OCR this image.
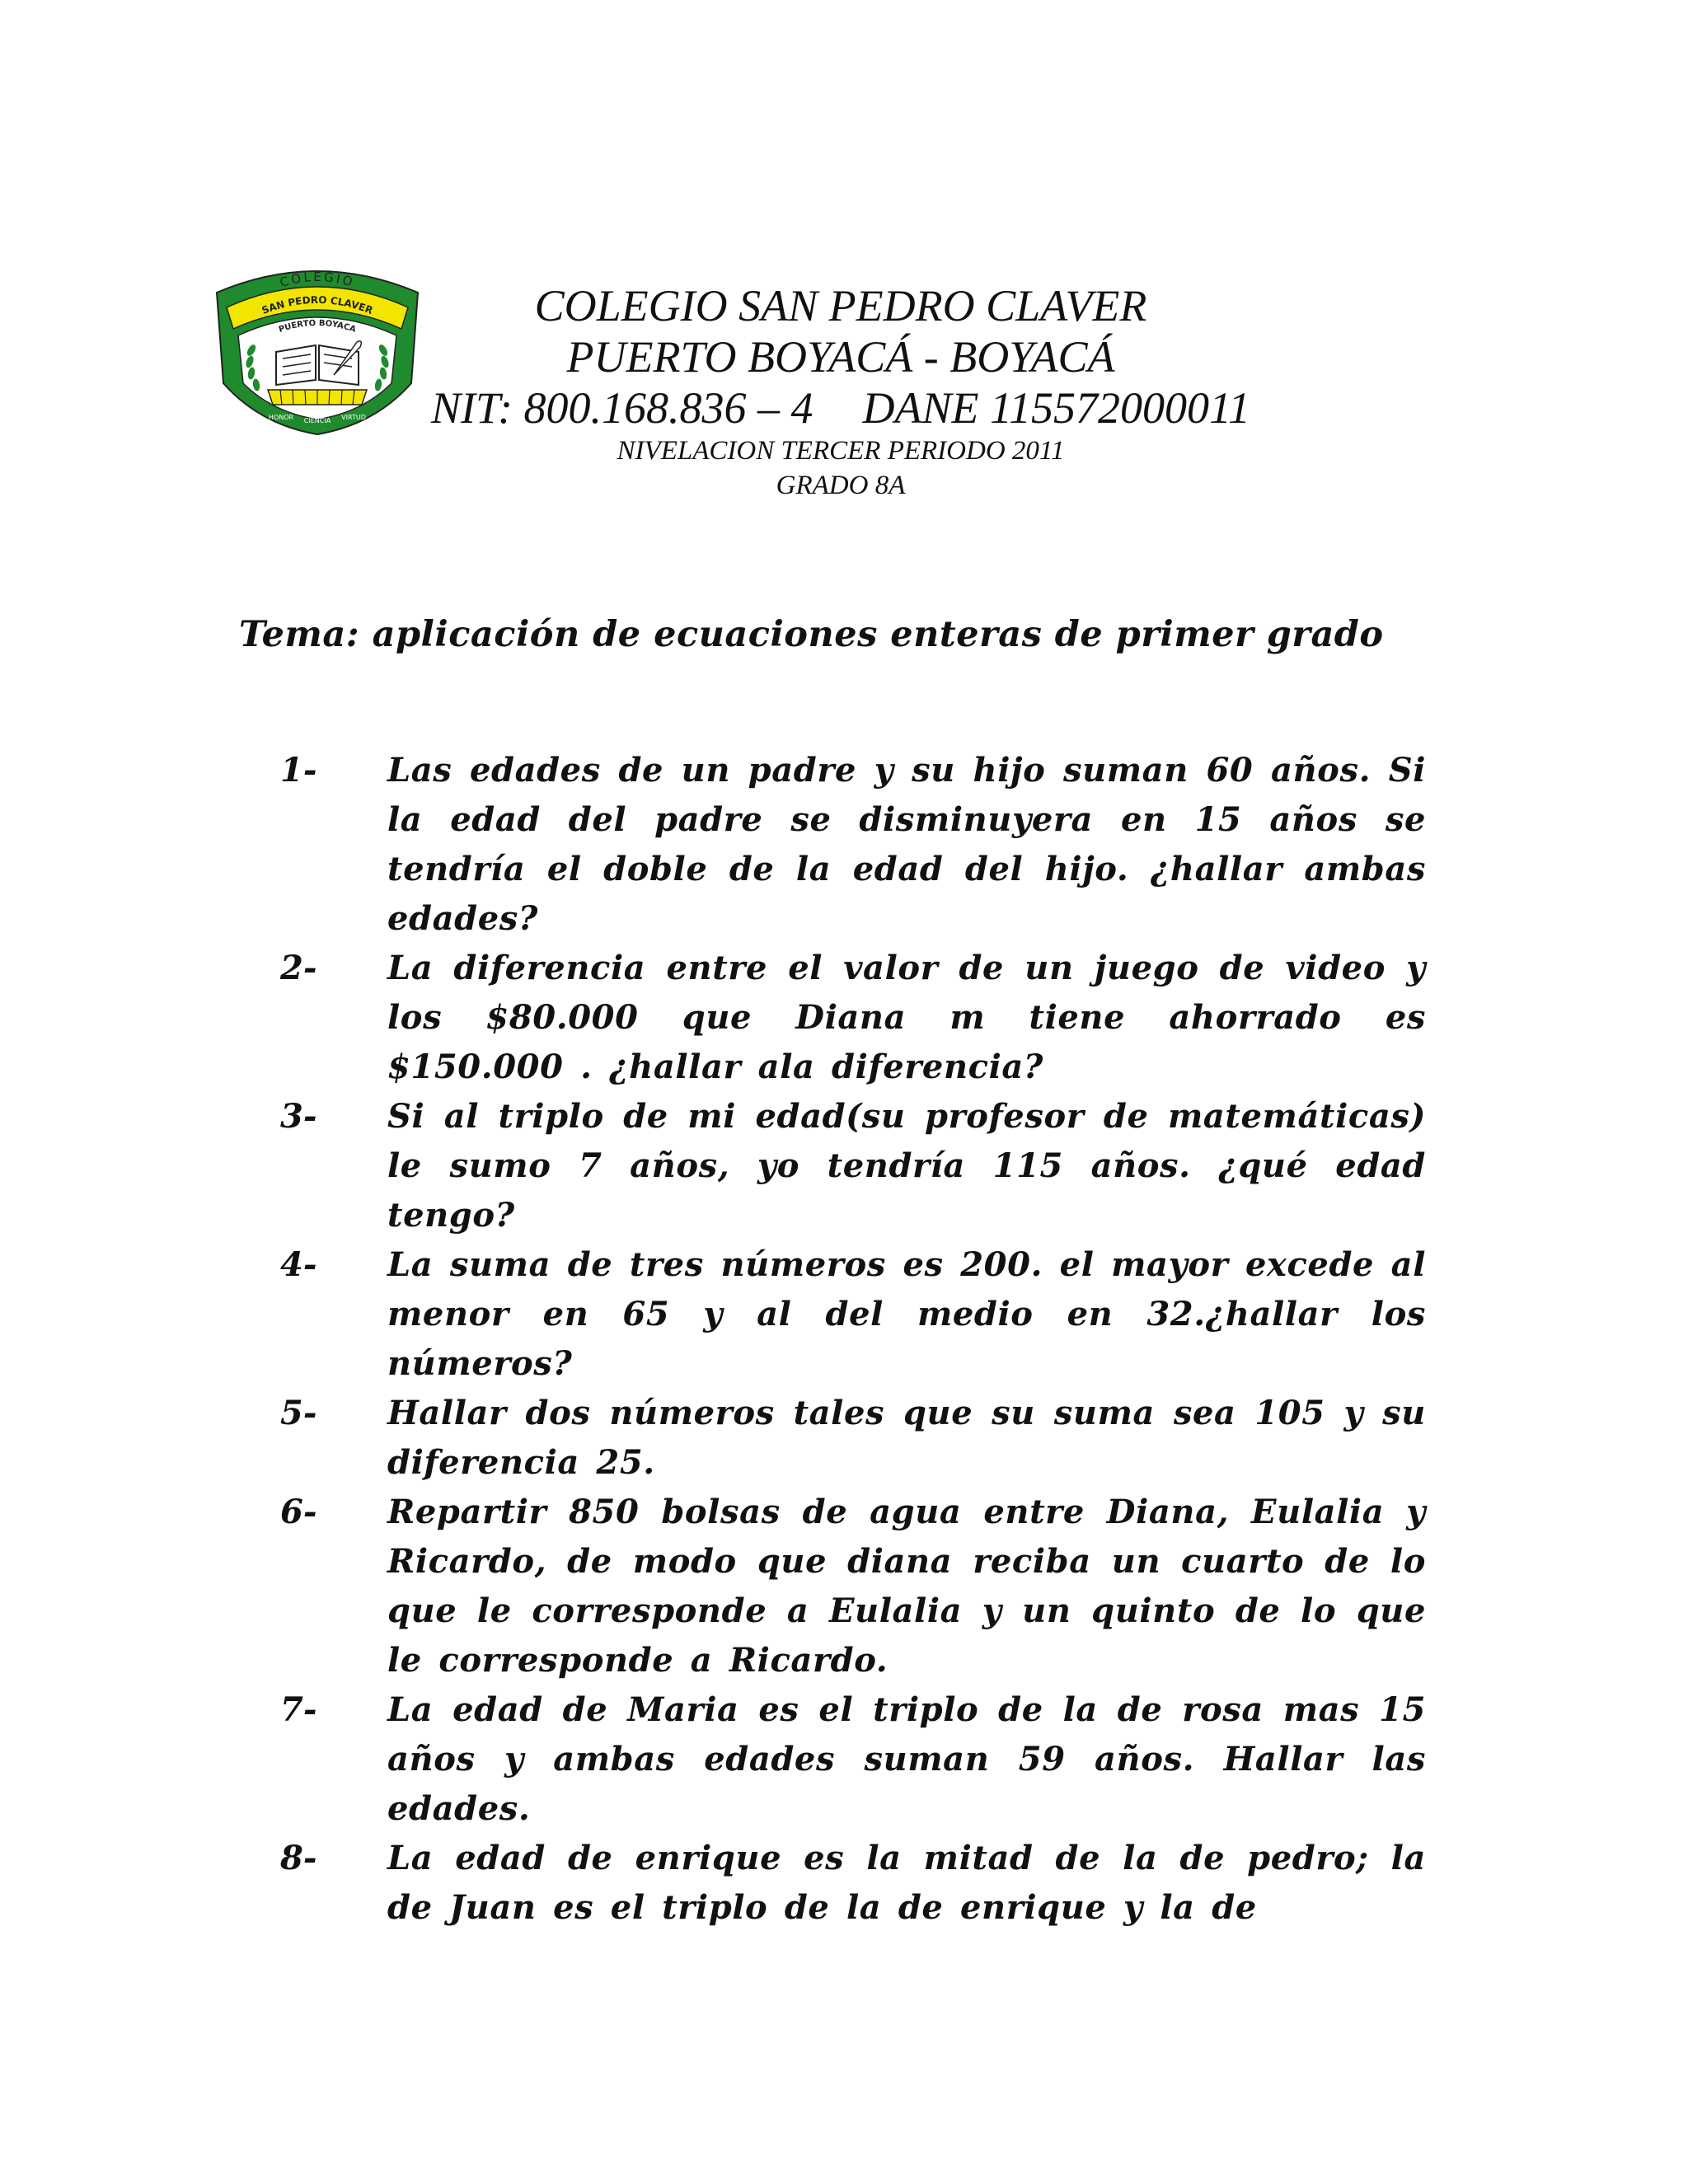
COLEGIO
SAN PEDRO CLAVER
PUERTO BOYACA
HONOR CIENCIA VIRTUD

COLEGIO SAN PEDRO CLAVER

PUERTO BOYACÁ - BOYACÁ

NIT: 800.168.836 – 4 DANE 115572000011

NIVELACION TERCER PERIODO 2011

GRADO 8A

Tema: aplicación de ecuaciones enteras de primer grado
1- Las edades de un padre y su hijo suman 60 años. Si la edad del padre se disminuyera en 15 años se tendría el doble de la edad del hijo. ¿hallar ambas edades?
2- La diferencia entre el valor de un juego de video y los $80.000 que Diana m tiene ahorrado es $150.000 . ¿hallar ala diferencia?
3- Si al triplo de mi edad(su profesor de matemáticas) le sumo 7 años, yo tendría 115 años. ¿qué edad tengo?
4- La suma de tres números es 200. el mayor excede al menor en 65 y al del medio en 32.¿hallar los números?
5- Hallar dos números tales que su suma sea 105 y su diferencia 25.
6- Repartir 850 bolsas de agua entre Diana, Eulalia y Ricardo, de modo que diana reciba un cuarto de lo que le corresponde a Eulalia y un quinto de lo que le corresponde a Ricardo.
7- La edad de Maria es el triplo de la de rosa mas 15 años y ambas edades suman 59 años. Hallar las edades.
8- La edad de enrique es la mitad de la de pedro; la de Juan es el triplo de la de enrique y la de
